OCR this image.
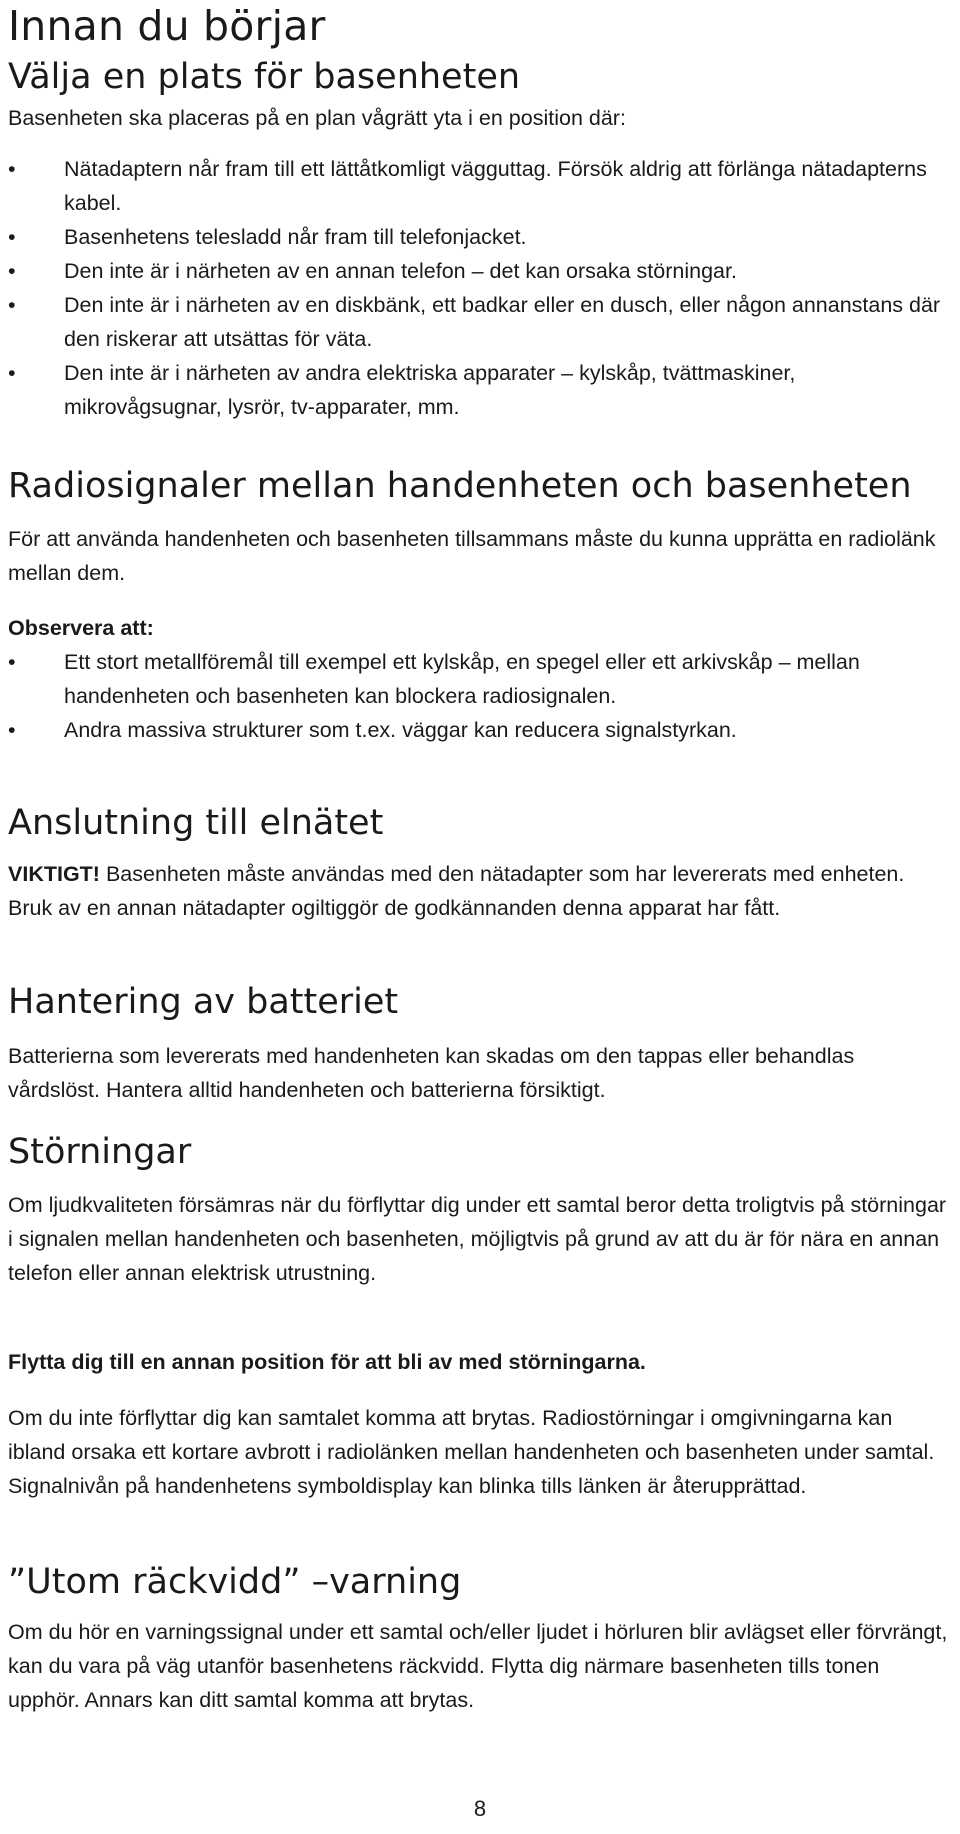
Innan du börjar
Välja en plats för basenheten

Basenheten ska placeras på en plan vågrätt yta i en position där:

• Nätadaptern når fram till ett lättåtkomligt vägguttag. Försök aldrig att förlänga nätadapterns kabel.
• Basenhetens telesladd når fram till telefonjacket.
• Den inte är i närheten av en annan telefon – det kan orsaka störningar.
• Den inte är i närheten av en diskbänk, ett badkar eller en dusch, eller någon annanstans där den riskerar att utsättas för väta.
• Den inte är i närheten av andra elektriska apparater – kylskåp, tvättmaskiner, mikrovågsugnar, lysrör, tv-apparater, mm.
Radiosignaler mellan handenheten och basenheten

För att använda handenheten och basenheten tillsammans måste du kunna upprätta en radiolänk mellan dem.

Observera att:

• Ett stort metallföremål till exempel ett kylskåp, en spegel eller ett arkivskåp – mellan handenheten och basenheten kan blockera radiosignalen.
• Andra massiva strukturer som t.ex. väggar kan reducera signalstyrkan.
Anslutning till elnätet

VIKTIGT! Basenheten måste användas med den nätadapter som har levererats med enheten. Bruk av en annan nätadapter ogiltiggör de godkännanden denna apparat har fått.

Hantering av batteriet

Batterierna som levererats med handenheten kan skadas om den tappas eller behandlas vårdslöst. Hantera alltid handenheten och batterierna försiktigt.

Störningar

Om ljudkvaliteten försämras när du förflyttar dig under ett samtal beror detta troligtvis på störningar i signalen mellan handenheten och basenheten, möjligtvis på grund av att du är för nära en annan telefon eller annan elektrisk utrustning.

Flytta dig till en annan position för att bli av med störningarna.

Om du inte förflyttar dig kan samtalet komma att brytas. Radiostörningar i omgivningarna kan ibland orsaka ett kortare avbrott i radiolänken mellan handenheten och basenheten under samtal. Signalnivån på handenhetens symboldisplay kan blinka tills länken är återupprättad.

”Utom räckvidd” –varning

Om du hör en varningssignal under ett samtal och/eller ljudet i hörluren blir avlägset eller förvrängt, kan du vara på väg utanför basenhetens räckvidd. Flytta dig närmare basenheten tills tonen upphör. Annars kan ditt samtal komma att brytas.

8
